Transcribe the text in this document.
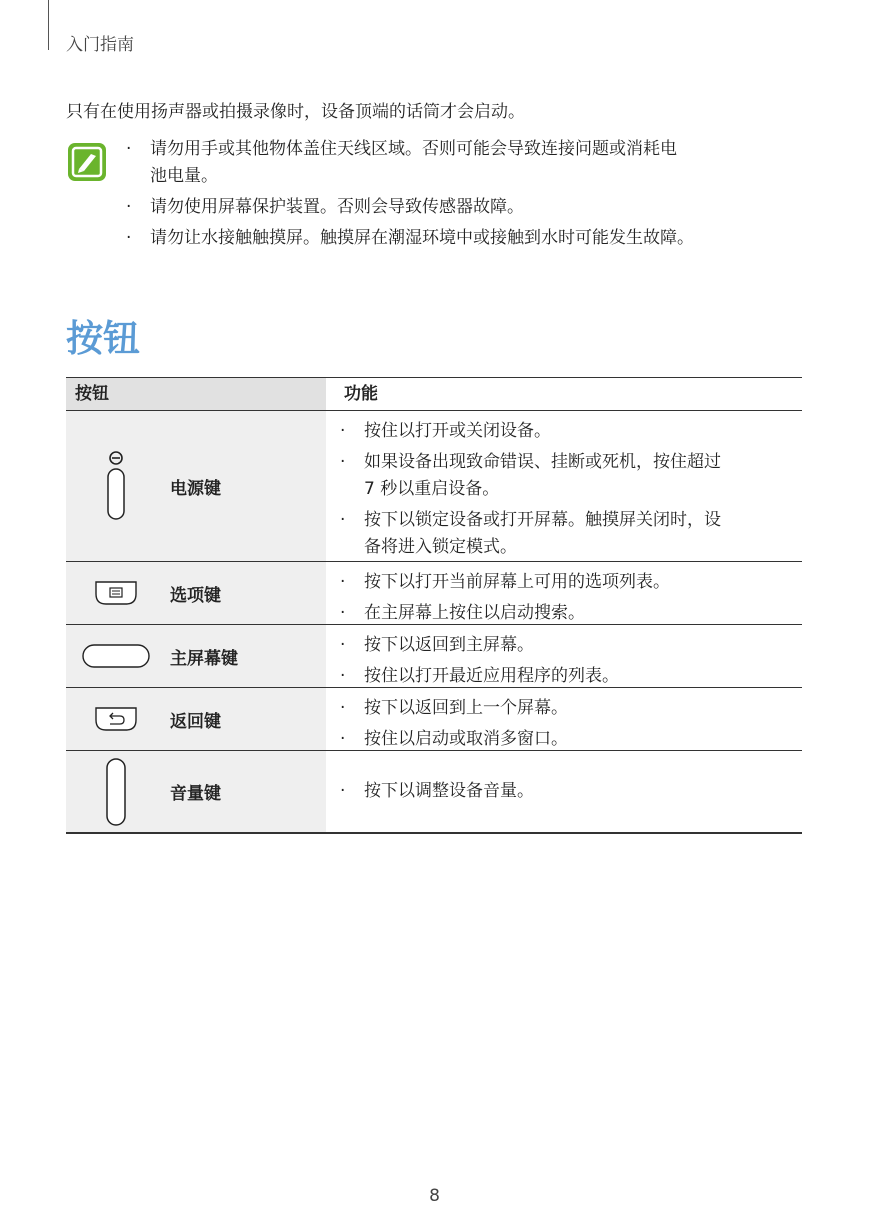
入门指南
只有在使用扬声器或拍摄录像时，设备顶端的话筒才会启动。
· 请勿用手或其他物体盖住天线区域。否则可能会导致连接问题或消耗电
池电量。
· 请勿使用屏幕保护装置。否则会导致传感器故障。
· 请勿让水接触触摸屏。触摸屏在潮湿环境中或接触到水时可能发生故障。
按钮
按钮	功能
电源键
· 按住以打开或关闭设备。
· 如果设备出现致命错误、挂断或死机，按住超过
7 秒以重启设备。
· 按下以锁定设备或打开屏幕。触摸屏关闭时，设
备将进入锁定模式。
选项键
· 按下以打开当前屏幕上可用的选项列表。
· 在主屏幕上按住以启动搜索。
主屏幕键
· 按下以返回到主屏幕。
· 按住以打开最近应用程序的列表。
返回键
· 按下以返回到上一个屏幕。
· 按住以启动或取消多窗口。
音量键	· 按下以调整设备音量。
8
